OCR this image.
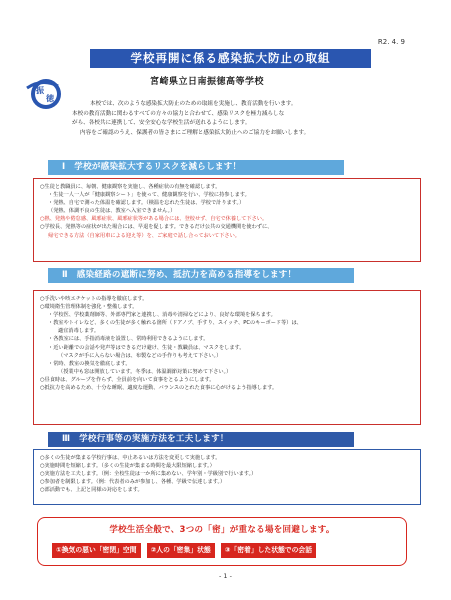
R2. 4. 9
学校再開に係る感染拡大防止の取組
振
徳
宮崎県立日南振徳高等学校

本校では、次のような感染拡大防止のための取組を実施し、教育活動を行います。

本校の教育活動に関わるすべての方々の協力と合わせて、感染リスクを極力減らしな

がら、各校共に連携して、安全安心な学校生活が送れるようにします。

内容をご確認のうえ、保護者の皆さまにご理解と感染拡大防止へのご協力をお願いします。

Ⅰ　学校が感染拡大するリスクを減らします！

○生徒と教職員に、毎朝、健康観察を実施し、各種症状の有無を確認します。

・生徒一人一人が「健康観察シート」を使って、健康観察を行い、学校に持参します。

・発熱、自宅で測った体温を確認します。（検温を忘れた生徒は、学校で計ります。）

（発熱、体調不良の生徒は、教室へ入室できません。）

○熱、発熱や倦怠感、風邪症状、風邪症状等がある場合には、登校せず、自宅で休養して下さい。

○学校長、発熱等の症状が出た場合には、早退を促します。できるだけ公共の交通機関を使わずに、

帰宅できる方法（自家用車による迎え等）を、ご家庭で話し合っておいて下さい。

Ⅱ　感染経路の遮断に努め、抵抗力を高める指導をします！

○手洗いや咳エチケットの指導を徹底します。

○環境衛生管理体制を強化・整備します。

・学校医、学校薬剤師等、外部専門家と連携し、消毒や清掃などにより、良好な環境を保ちます。

・教室やトイレなど、多くの生徒が多く触れる箇所（ドアノブ、手すり、スイッチ、PCのキーボード等）は、

適宜消毒します。

・各教室には、手指消毒液を設置し、常時利用できるようにします。

・近い距離での会話や発声等はできるだけ避け、生徒・教職員は、マスクをします。

（マスクが手に入らない場合は、布製などの手作りも考えて下さい。）

・常時、教室の換気を徹底します。

（授業中も窓は開放しています。冬季は、体温調節対策に努めて下さい。）

○昼食時は、グループを作らず、全員前を向いて食事をとるようにします。

○抵抗力を高めるため、十分な睡眠、適度な運動、バランスのとれた食事に心がけるよう指導します。

Ⅲ　学校行事等の実施方法を工夫します！

○多くの生徒が集まる学校行事は、中止あるいは方法を変更して実施します。

○実施時間を短縮します。（多くの生徒が集まる時間を最大限短縮します。）

○実施方法を工夫します。（例：全校生徒は一か所に集めない、学年別・学級別で行います。）

○参加者を制限します。（例：代表者のみが参加し、各種、学級で伝達します。）

○部活動でも、上記と同様の対応をします。

学校生活全般で、3つの「密」が重なる場を回避します。
①換気の悪い「密閉」空間	②人の「密集」状態	③「密着」した状態での会話
- 1 -
